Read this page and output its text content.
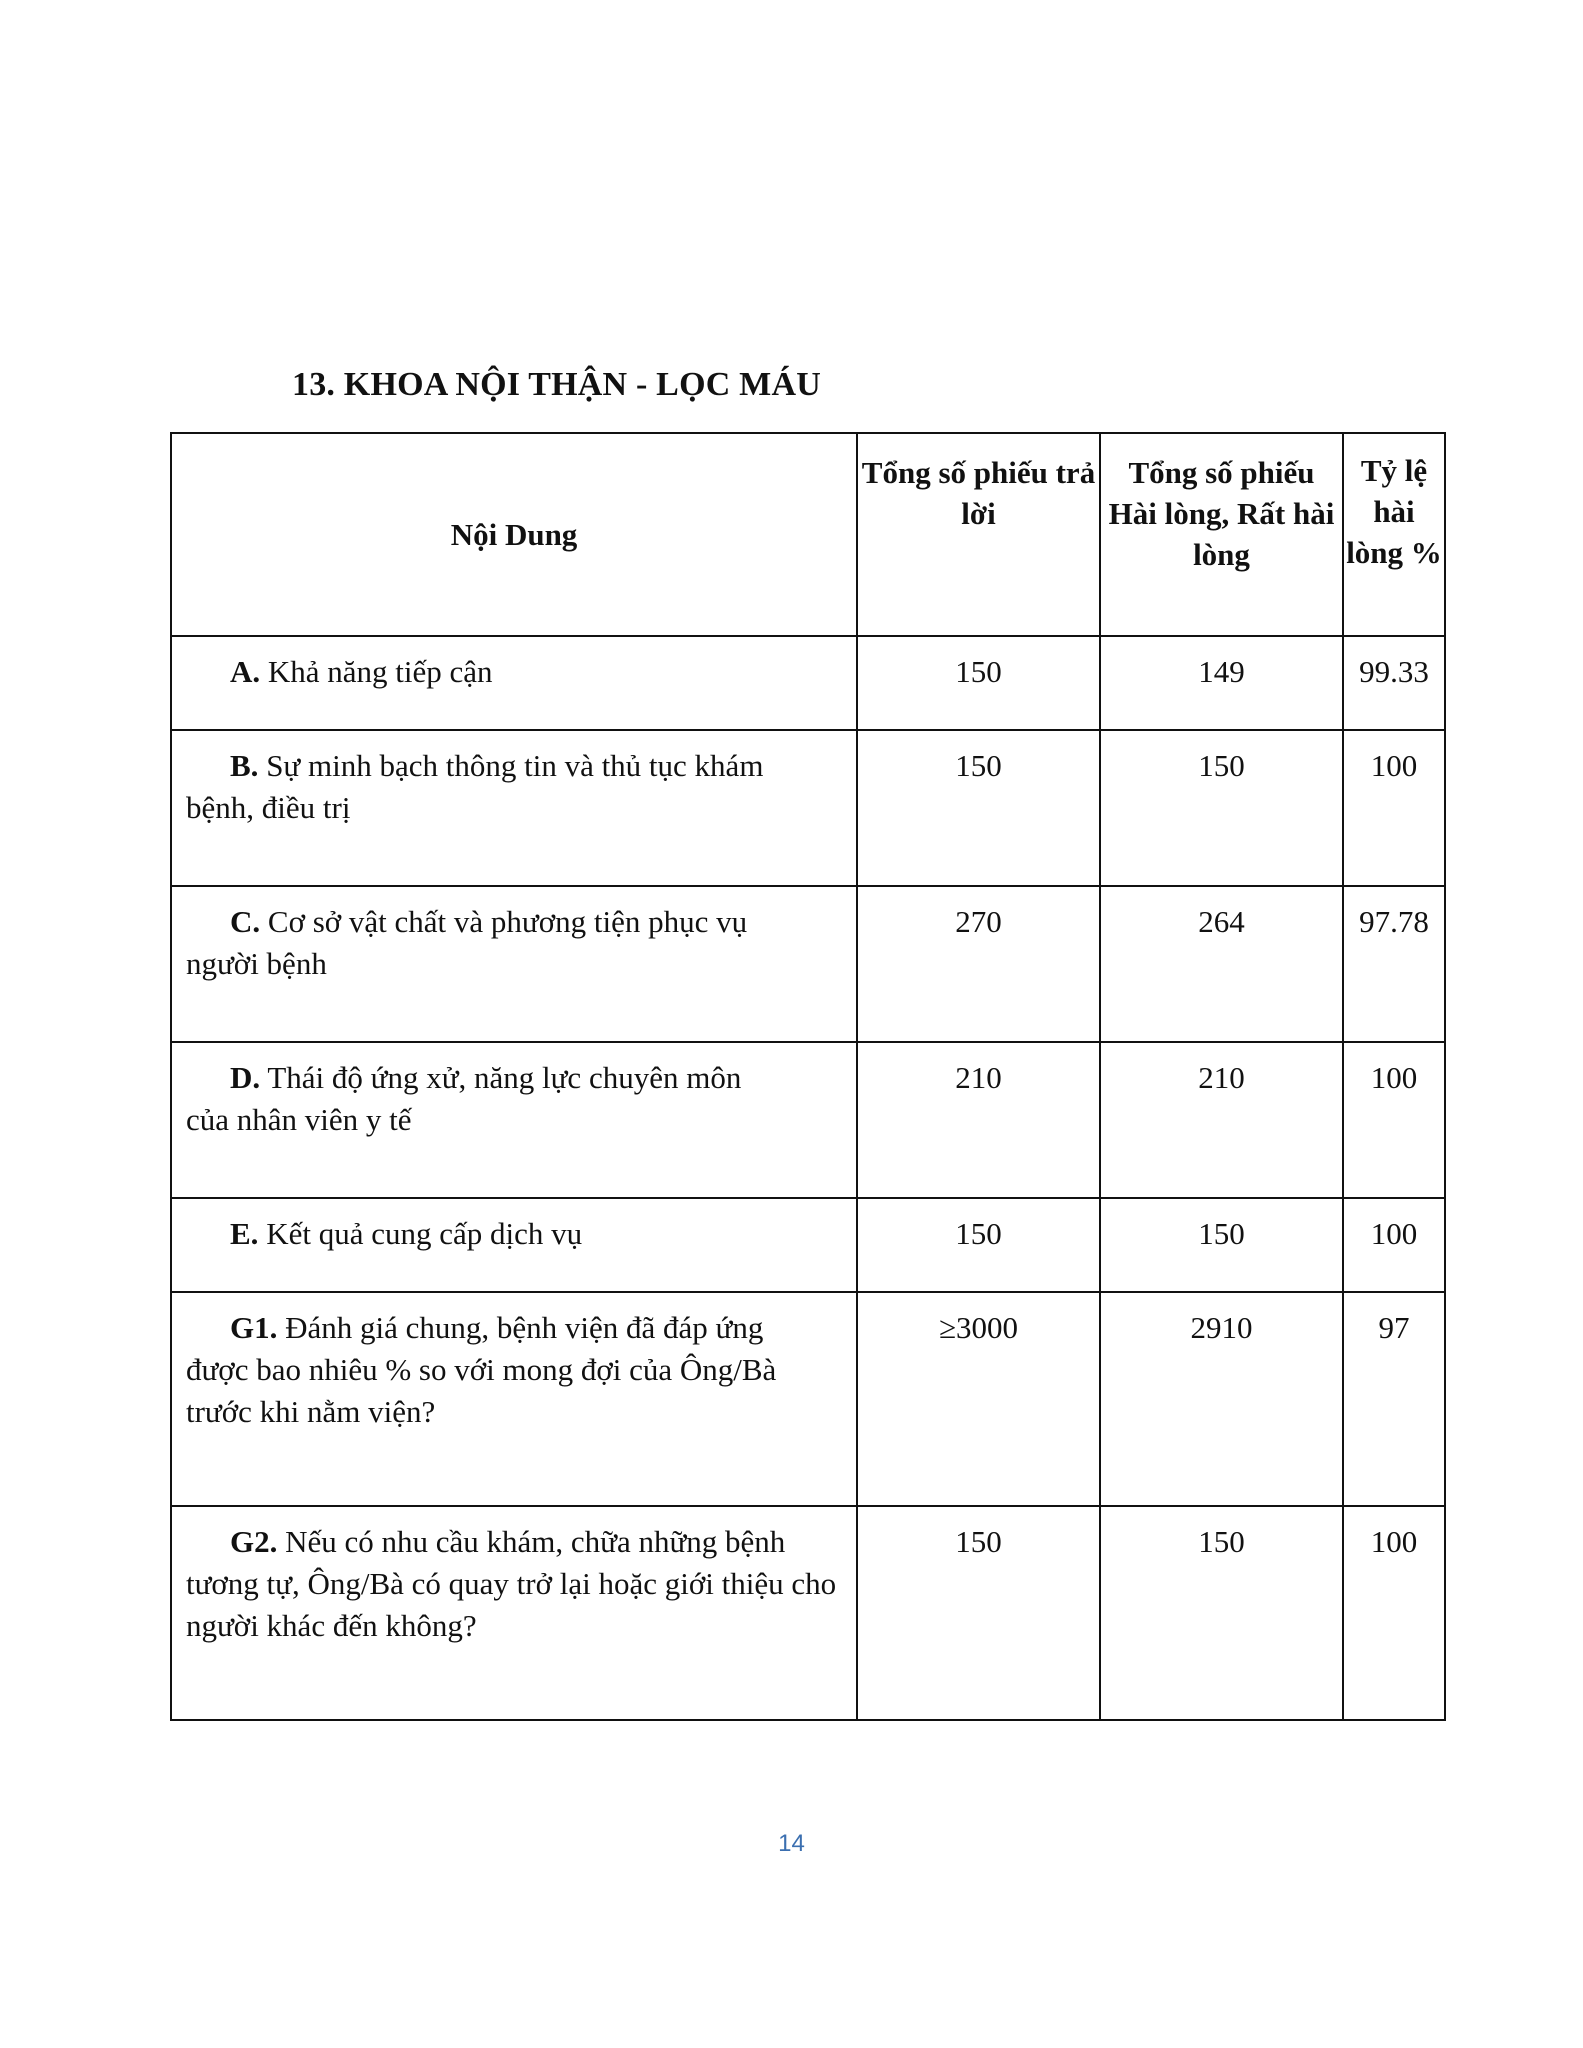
13. KHOA NỘI THẬN - LỌC MÁU
Nội Dung	Tổng số phiếu trả lời	Tổng số phiếu Hài lòng, Rất hài lòng	Tỷ lệ hài lòng %

A. Khả năng tiếp cận	150	149	99.33

B. Sự minh bạch thông tin và thủ tục khám
bệnh, điều trị	150	150	100

C. Cơ sở vật chất và phương tiện phục vụ
người bệnh	270	264	97.78

D. Thái độ ứng xử, năng lực chuyên môn
của nhân viên y tế	210	210	100

E. Kết quả cung cấp dịch vụ	150	150	100

G1. Đánh giá chung, bệnh viện đã đáp ứng
được bao nhiêu % so với mong đợi của Ông/Bà trước khi nằm viện?	≥3000	2910	97

G2. Nếu có nhu cầu khám, chữa những bệnh
tương tự, Ông/Bà có quay trở lại hoặc giới thiệu cho người khác đến không?	150	150	100
14
